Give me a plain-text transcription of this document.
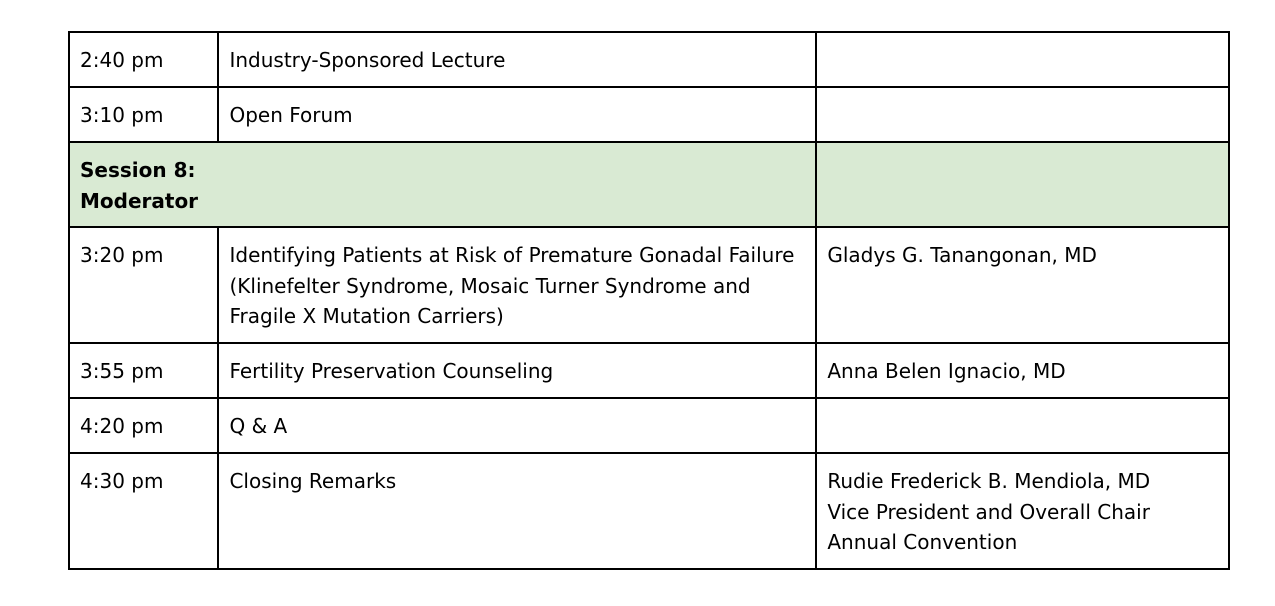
2:40 pm	Industry-Sponsored Lecture	
3:10 pm	Open Forum	
Session 8:
Moderator		
3:20 pm	Identifying Patients at Risk of Premature Gonadal Failure (Klinefelter Syndrome, Mosaic Turner Syndrome and Fragile X Mutation Carriers)	Gladys G. Tanangonan, MD
3:55 pm	Fertility Preservation Counseling	Anna Belen Ignacio, MD
4:20 pm	Q & A	
4:30 pm	Closing Remarks	Rudie Frederick B. Mendiola, MD
Vice President and Overall Chair
Annual Convention
